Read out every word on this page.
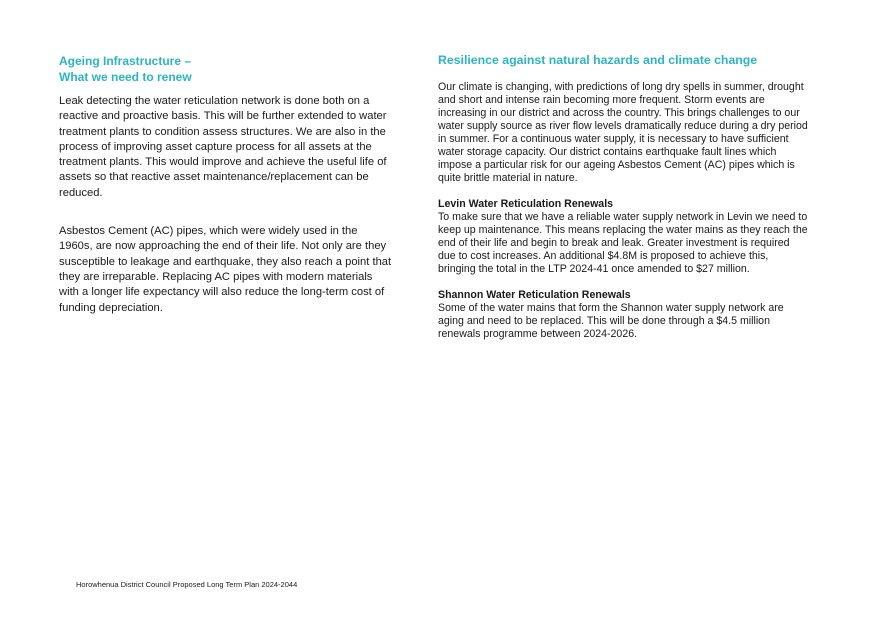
Ageing Infrastructure –
What we need to renew

Leak detecting the water reticulation network is done both on a reactive and proactive basis. This will be further extended to water treatment plants to condition assess structures. We are also in the process of improving asset capture process for all assets at the treatment plants. This would improve and achieve the useful life of assets so that reactive asset maintenance/replacement can be reduced.

Asbestos Cement (AC) pipes, which were widely used in the 1960s, are now approaching the end of their life. Not only are they susceptible to leakage and earthquake, they also reach a point that they are irreparable. Replacing AC pipes with modern materials with a longer life expectancy will also reduce the long-term cost of funding depreciation.

Resilience against natural hazards and climate change

Our climate is changing, with predictions of long dry spells in summer, drought and short and intense rain becoming more frequent. Storm events are increasing in our district and across the country. This brings challenges to our water supply source as river flow levels dramatically reduce during a dry period in summer. For a continuous water supply, it is necessary to have sufficient water storage capacity. Our district contains earthquake fault lines which impose a particular risk for our ageing Asbestos Cement (AC) pipes which is quite brittle material in nature.

Levin Water Reticulation Renewals

To make sure that we have a reliable water supply network in Levin we need to keep up maintenance. This means replacing the water mains as they reach the end of their life and begin to break and leak. Greater investment is required due to cost increases. An additional $4.8M is proposed to achieve this, bringing the total in the LTP 2024-41 once amended to $27 million.

Shannon Water Reticulation Renewals

Some of the water mains that form the Shannon water supply network are aging and need to be replaced. This will be done through a $4.5 million renewals programme between 2024-2026.

Horowhenua District Council Proposed Long Term Plan 2024-2044
